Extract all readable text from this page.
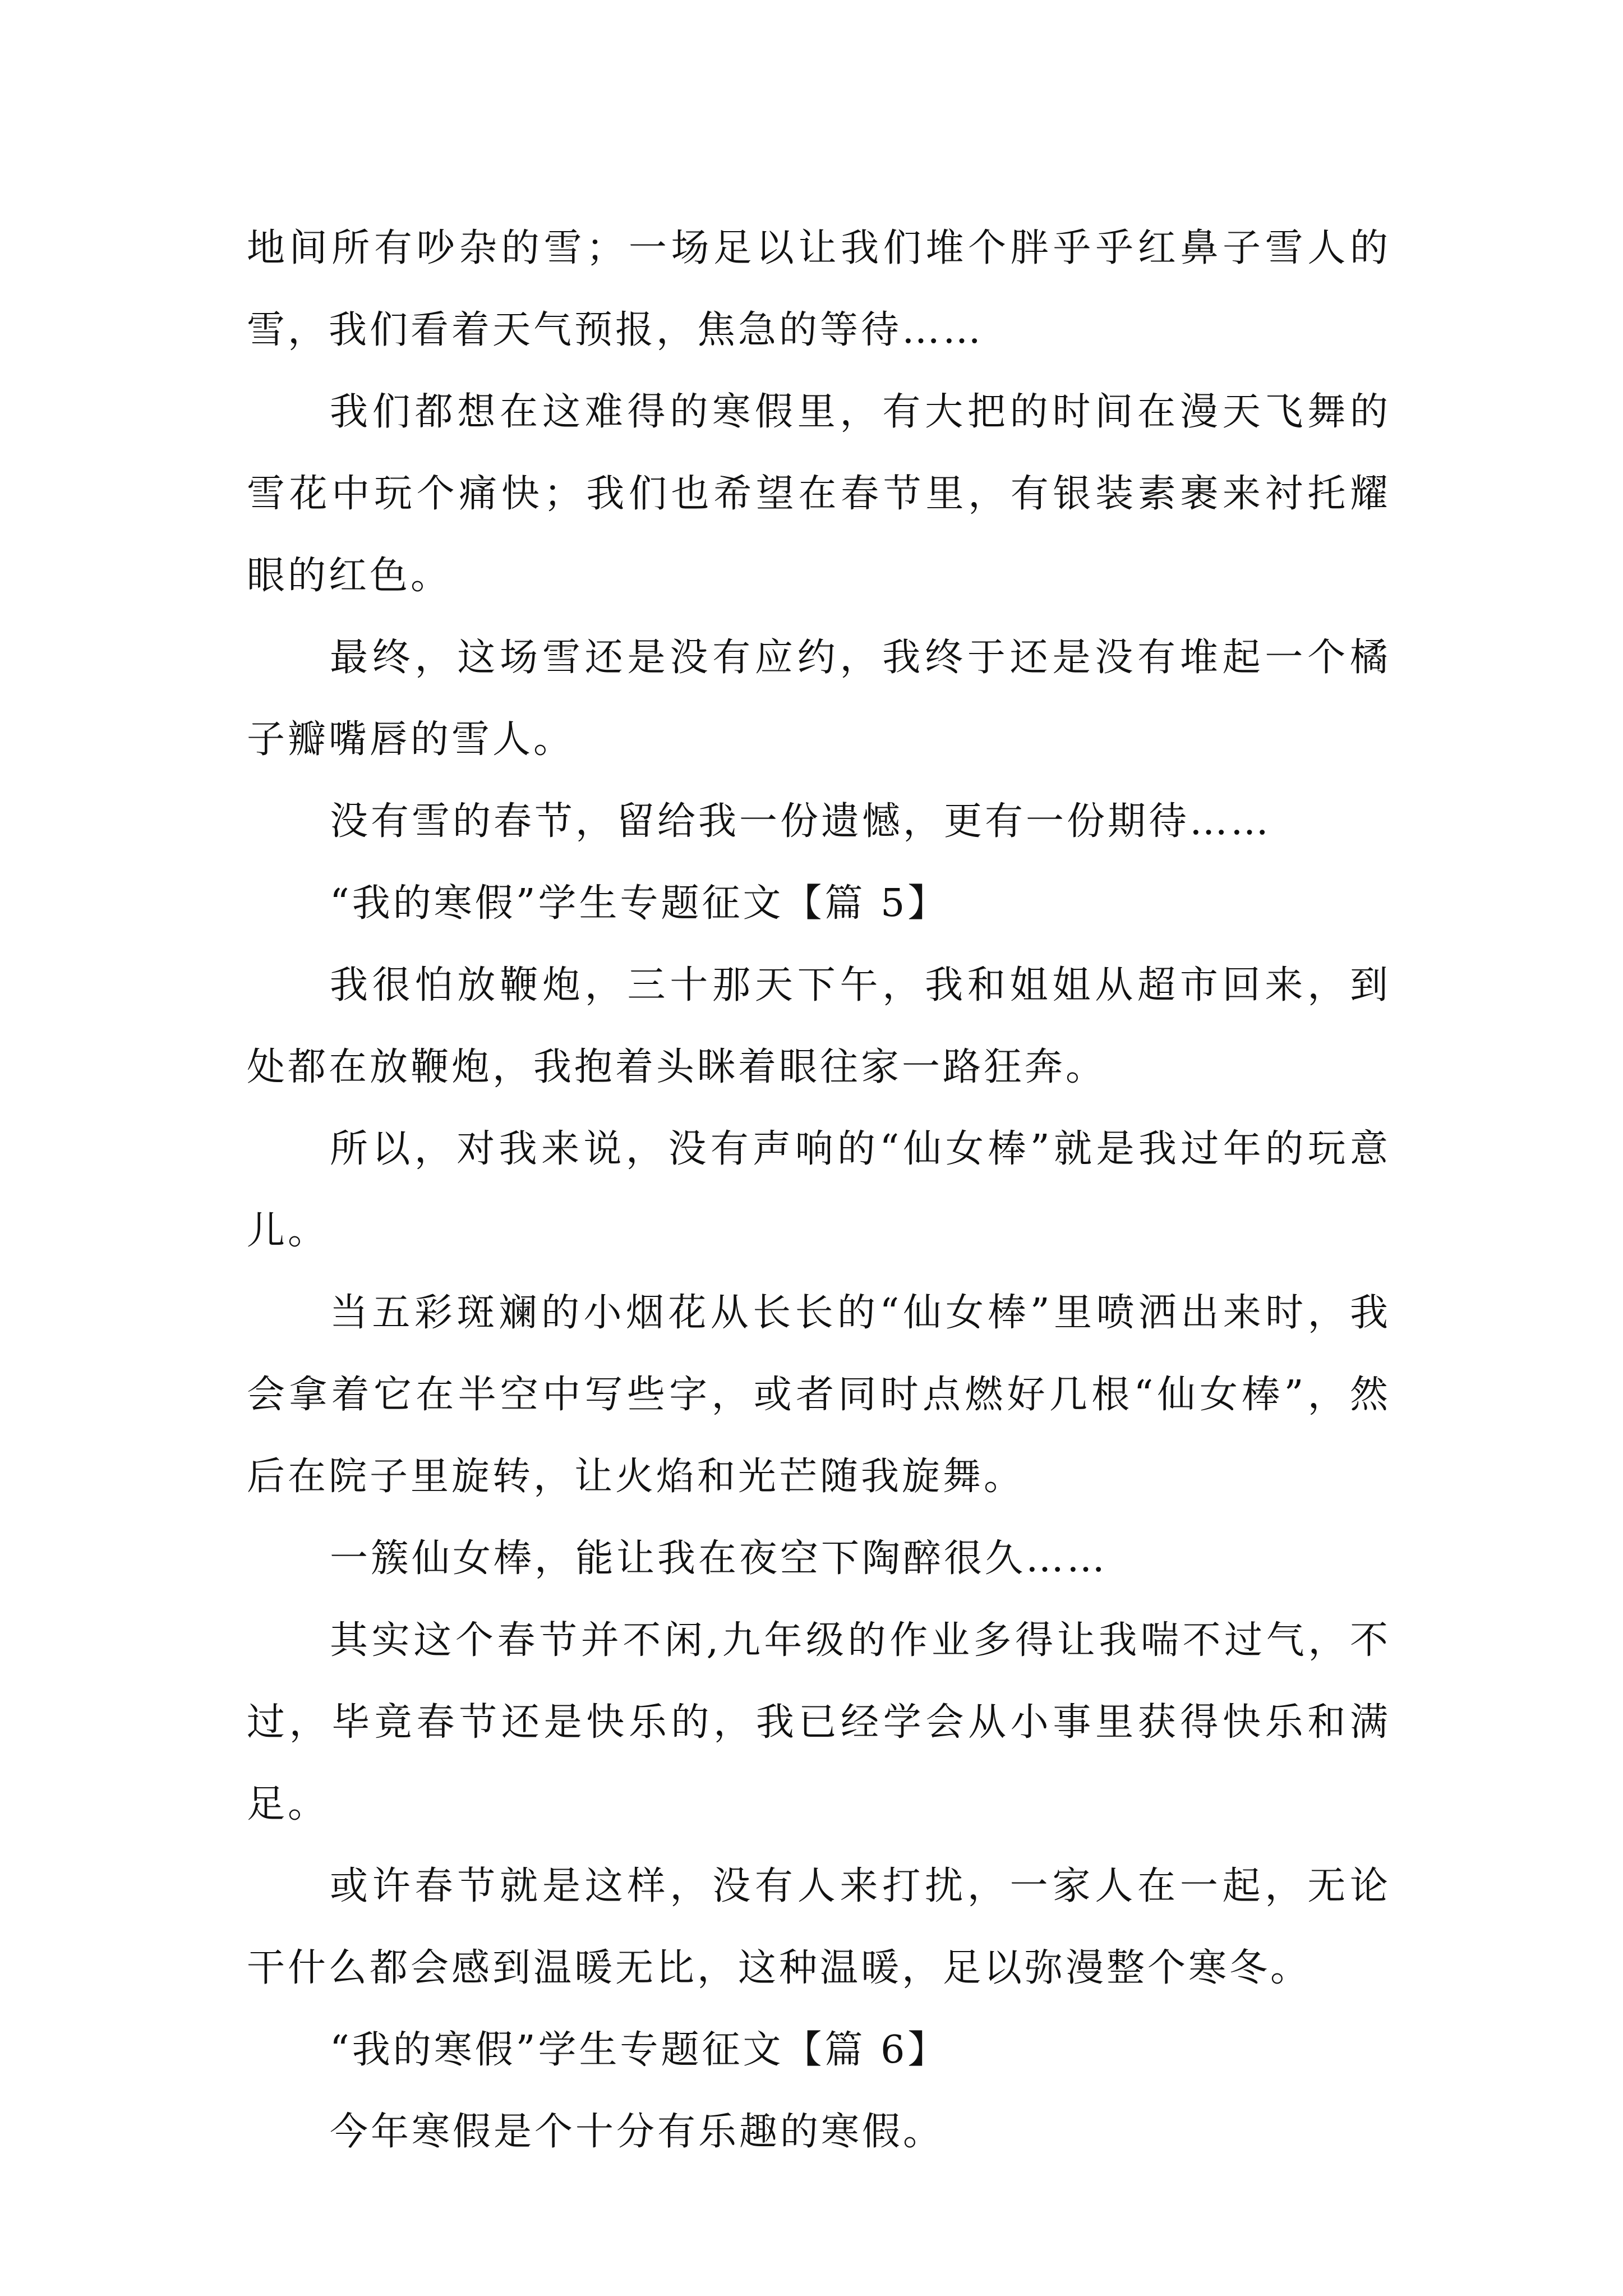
地间所有吵杂的雪；一场足以让我们堆个胖乎乎红鼻子雪人的雪，我们看着天气预报，焦急的等待……

我们都想在这难得的寒假里，有大把的时间在漫天飞舞的雪花中玩个痛快；我们也希望在春节里，有银装素裹来衬托耀眼的红色。

最终，这场雪还是没有应约，我终于还是没有堆起一个橘子瓣嘴唇的雪人。

没有雪的春节，留给我一份遗憾，更有一份期待……

“我的寒假”学生专题征文【篇 5】

我很怕放鞭炮，三十那天下午，我和姐姐从超市回来，到处都在放鞭炮，我抱着头眯着眼往家一路狂奔。

所以，对我来说，没有声响的“仙女棒”就是我过年的玩意儿。

当五彩斑斓的小烟花从长长的“仙女棒”里喷洒出来时，我会拿着它在半空中写些字，或者同时点燃好几根“仙女棒”，然后在院子里旋转，让火焰和光芒随我旋舞。

一簇仙女棒，能让我在夜空下陶醉很久……

其实这个春节并不闲,九年级的作业多得让我喘不过气，不过，毕竟春节还是快乐的，我已经学会从小事里获得快乐和满足。

或许春节就是这样，没有人来打扰，一家人在一起，无论干什么都会感到温暖无比，这种温暖，足以弥漫整个寒冬。

“我的寒假”学生专题征文【篇 6】

今年寒假是个十分有乐趣的寒假。
